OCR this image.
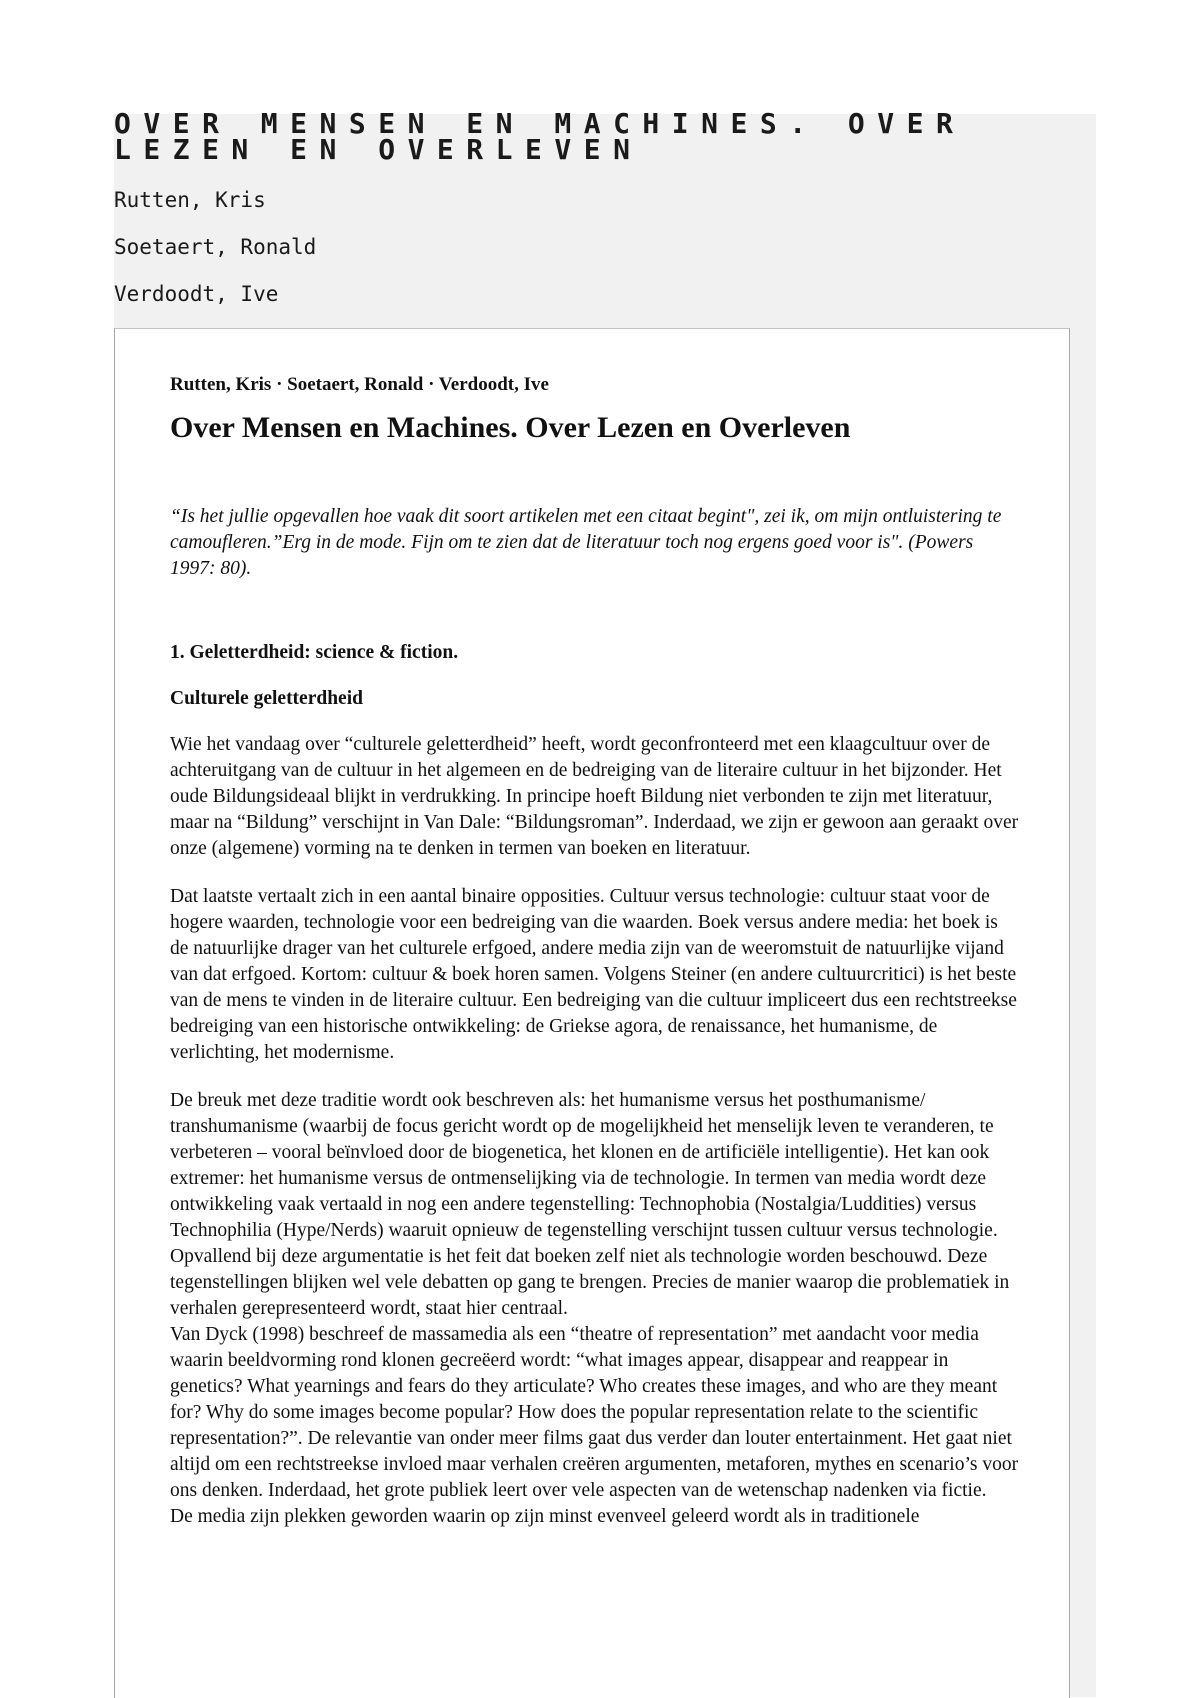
OVER MENSEN EN MACHINES. OVER LEZEN EN OVERLEVEN

Rutten, Kris

Soetaert, Ronald

Verdoodt, Ive

Rutten, Kris · Soetaert, Ronald · Verdoodt, Ive

Over Mensen en Machines. Over Lezen en Overleven

“Is het jullie opgevallen hoe vaak dit soort artikelen met een citaat begint", zei ik, om mijn ontluistering te camoufleren.”Erg in de mode. Fijn om te zien dat de literatuur toch nog ergens goed voor is". (Powers 1997: 80).

1. Geletterdheid: science & fiction.
Culturele geletterdheid

Wie het vandaag over “culturele geletterdheid” heeft, wordt geconfronteerd met een klaagcultuur over de achteruitgang van de cultuur in het algemeen en de bedreiging van de literaire cultuur in het bijzonder. Het oude Bildungsideaal blijkt in verdrukking. In principe hoeft Bildung niet verbonden te zijn met literatuur, maar na “Bildung” verschijnt in Van Dale: “Bildungsroman”. Inderdaad, we zijn er gewoon aan geraakt over onze (algemene) vorming na te denken in termen van boeken en literatuur.

Dat laatste vertaalt zich in een aantal binaire opposities. Cultuur versus technologie: cultuur staat voor de hogere waarden, technologie voor een bedreiging van die waarden. Boek versus andere media: het boek is de natuurlijke drager van het culturele erfgoed, andere media zijn van de weeromstuit de natuurlijke vijand van dat erfgoed. Kortom: cultuur & boek horen samen. Volgens Steiner (en andere cultuurcritici) is het beste van de mens te vinden in de literaire cultuur. Een bedreiging van die cultuur impliceert dus een rechtstreekse bedreiging van een historische ontwikkeling: de Griekse agora, de renaissance, het humanisme, de verlichting, het modernisme.

De breuk met deze traditie wordt ook beschreven als: het humanisme versus het posthumanisme/ transhumanisme (waarbij de focus gericht wordt op de mogelijkheid het menselijk leven te veranderen, te verbeteren – vooral beïnvloed door de biogenetica, het klonen en de artificiële intelligentie). Het kan ook extremer: het humanisme versus de ontmenselijking via de technologie. In termen van media wordt deze ontwikkeling vaak vertaald in nog een andere tegenstelling: Technophobia (Nostalgia/Luddities) versus Technophilia (Hype/Nerds) waaruit opnieuw de tegenstelling verschijnt tussen cultuur versus technologie. Opvallend bij deze argumentatie is het feit dat boeken zelf niet als technologie worden beschouwd. Deze tegenstellingen blijken wel vele debatten op gang te brengen. Precies de manier waarop die problematiek in verhalen gerepresenteerd wordt, staat hier centraal.

Van Dyck (1998) beschreef de massamedia als een “theatre of representation” met aandacht voor media waarin beeldvorming rond klonen gecreëerd wordt: “what images appear, disappear and reappear in genetics? What yearnings and fears do they articulate? Who creates these images, and who are they meant for? Why do some images become popular? How does the popular representation relate to the scientific representation?”. De relevantie van onder meer films gaat dus verder dan louter entertainment. Het gaat niet altijd om een rechtstreekse invloed maar verhalen creëren argumenten, metaforen, mythes en scenario’s voor ons denken. Inderdaad, het grote publiek leert over vele aspecten van de wetenschap nadenken via fictie.

De media zijn plekken geworden waarin op zijn minst evenveel geleerd wordt als in traditionele
